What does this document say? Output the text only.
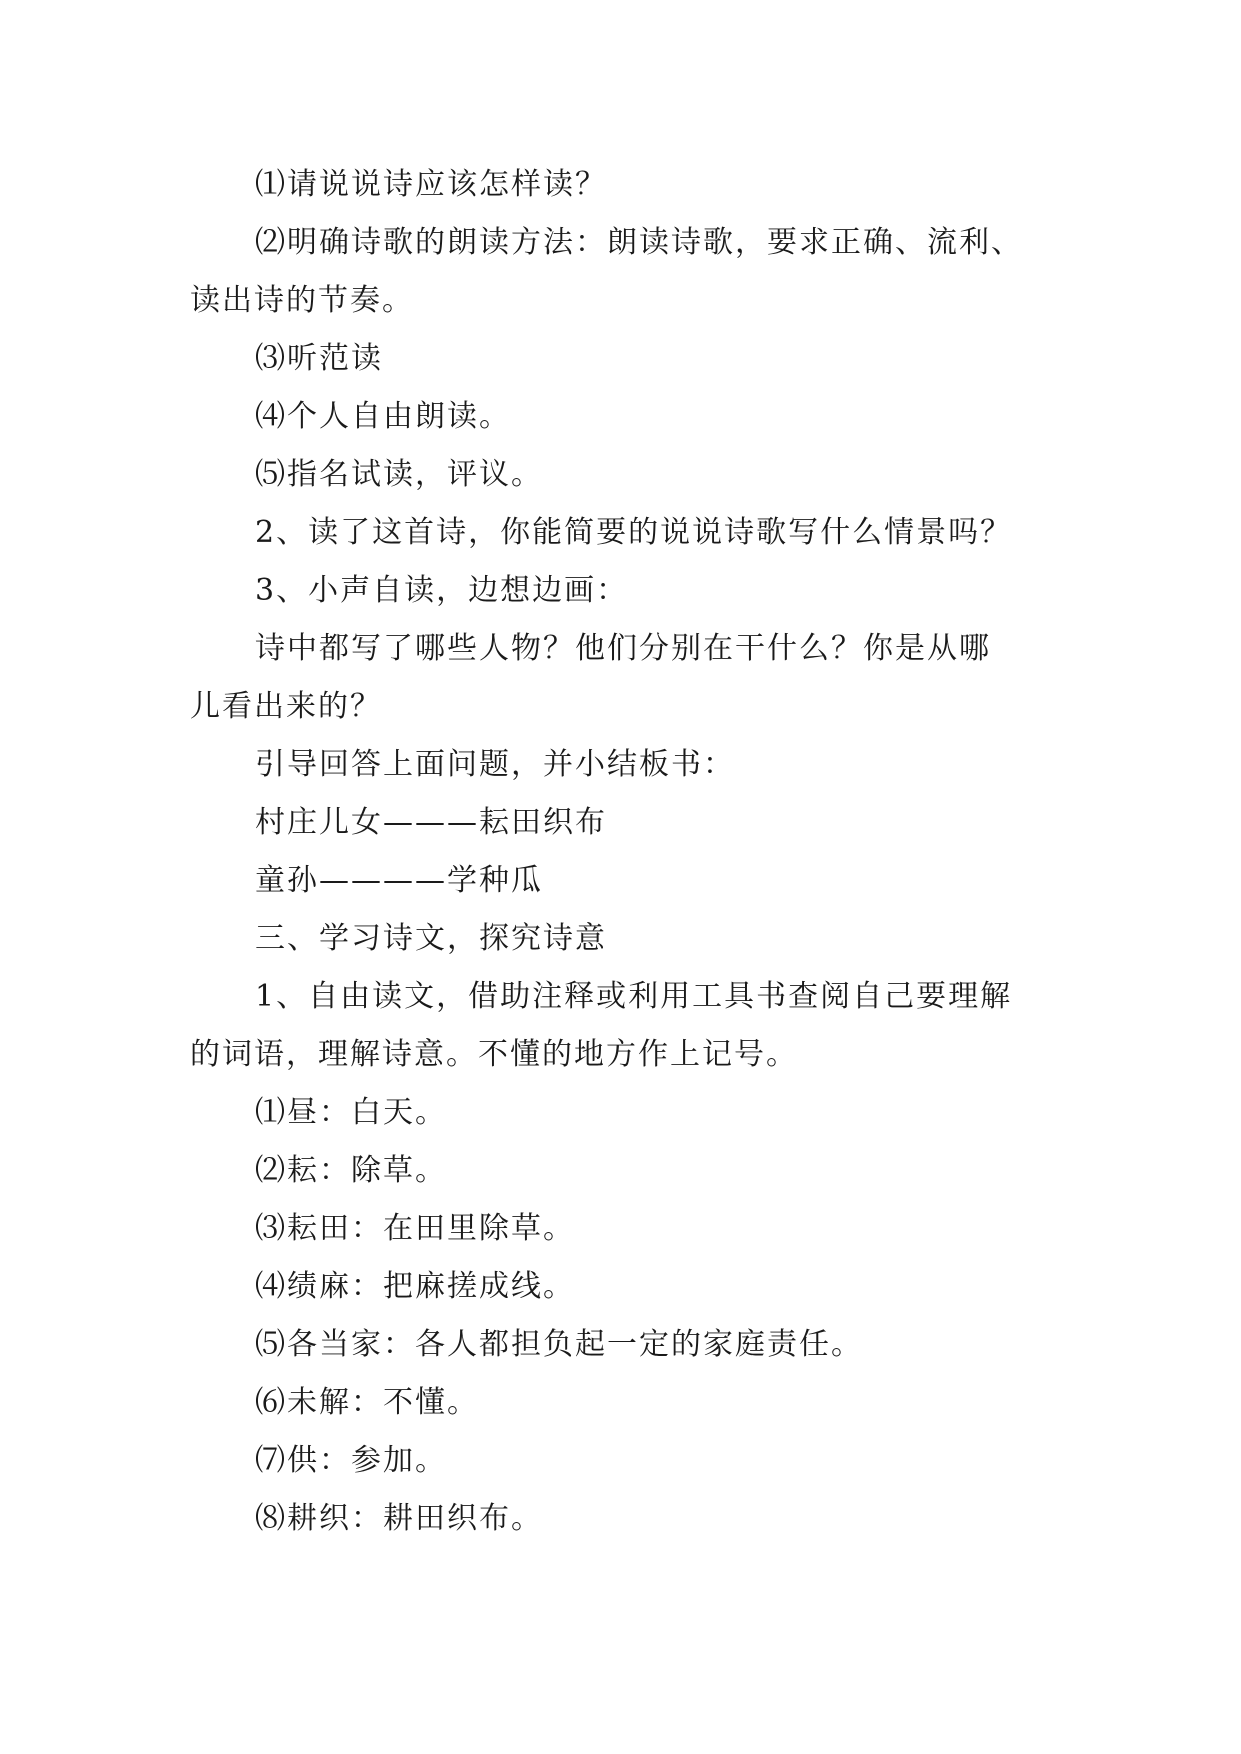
⑴请说说诗应该怎样读？
⑵明确诗歌的朗读方法：朗读诗歌，要求正确、流利、
读出诗的节奏。
⑶听范读
⑷个人自由朗读。
⑸指名试读，评议。
2、读了这首诗，你能简要的说说诗歌写什么情景吗？
3、小声自读，边想边画：
诗中都写了哪些人物？他们分别在干什么？你是从哪
儿看出来的？
引导回答上面问题，并小结板书：
村庄儿女———耘田织布
童孙————学种瓜
三、学习诗文，探究诗意
1、自由读文，借助注释或利用工具书查阅自己要理解
的词语，理解诗意。不懂的地方作上记号。
⑴昼：白天。
⑵耘：除草。
⑶耘田：在田里除草。
⑷绩麻：把麻搓成线。
⑸各当家：各人都担负起一定的家庭责任。
⑹未解：不懂。
⑺供：参加。
⑻耕织：耕田织布。
